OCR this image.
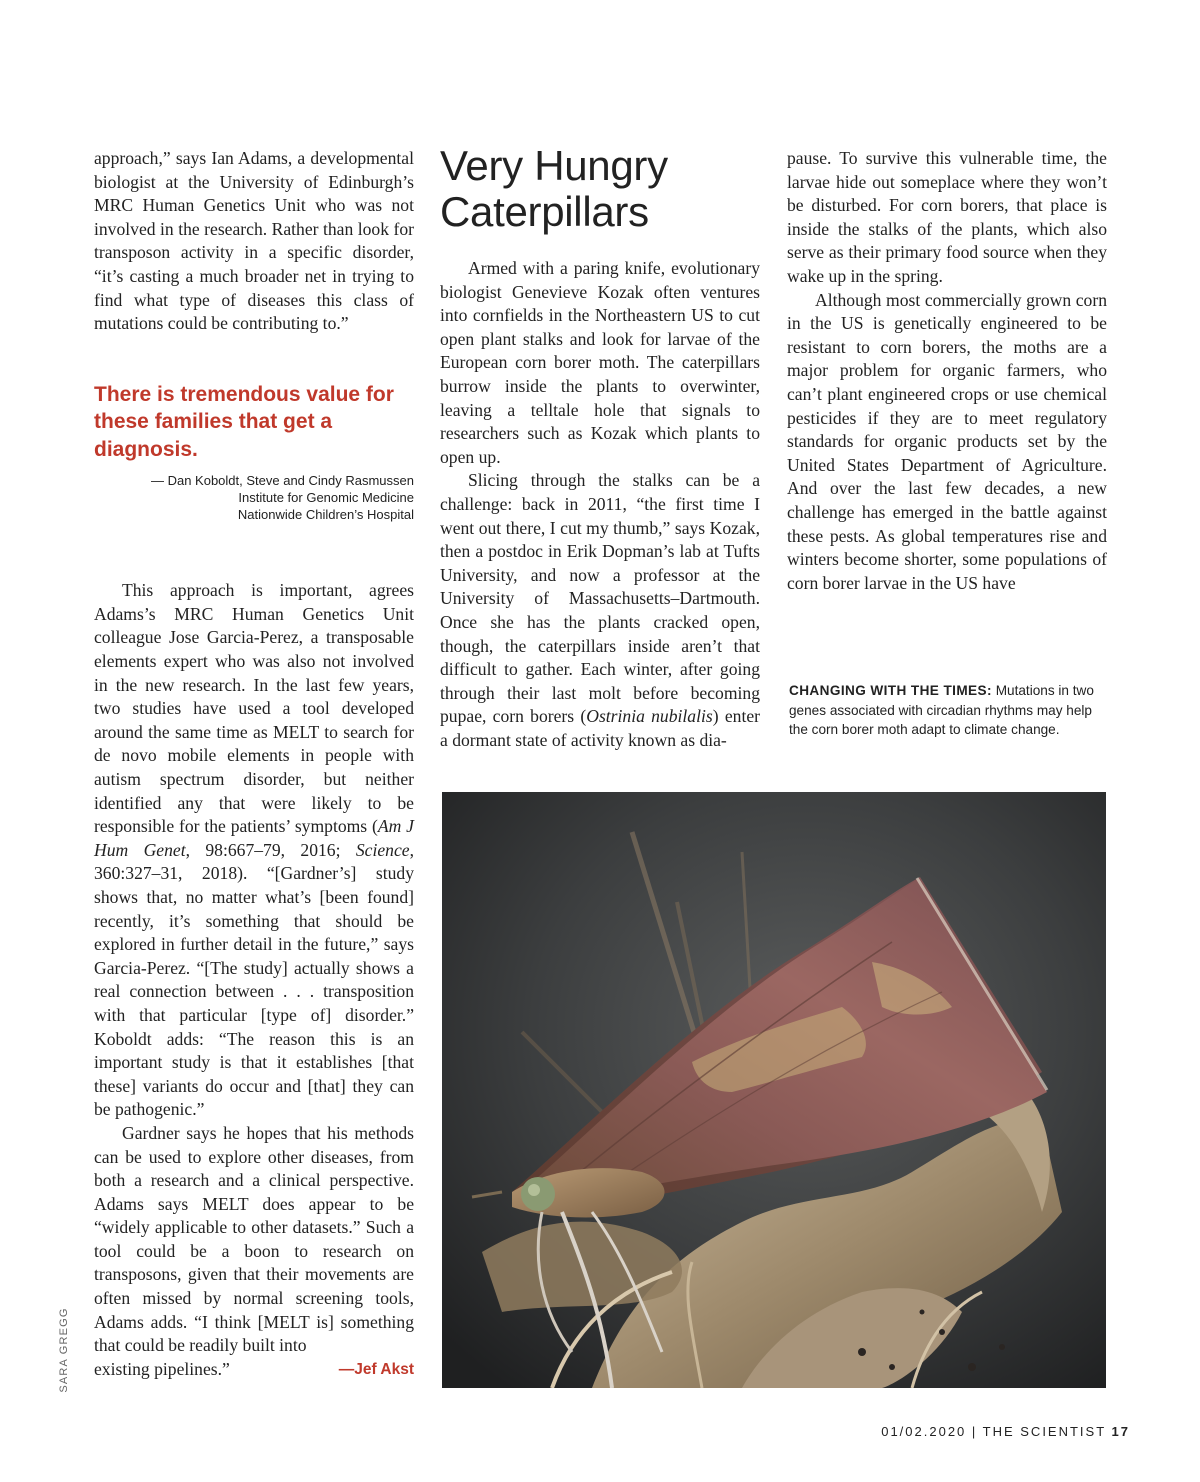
approach,” says Ian Adams, a developmental biologist at the University of Edinburgh’s MRC Human Genetics Unit who was not involved in the research. Rather than look for transposon activity in a specific disorder, “it’s casting a much broader net in trying to find what type of diseases this class of mutations could be contributing to.”

There is tremendous value for these families that get a diagnosis.
— Dan Koboldt, Steve and Cindy Rasmussen
Institute for Genomic Medicine
Nationwide Children’s Hospital

This approach is important, agrees Adams’s MRC Human Genetics Unit colleague Jose Garcia-Perez, a transposable elements expert who was also not involved in the new research. In the last few years, two studies have used a tool developed around the same time as MELT to search for de novo mobile elements in people with autism spectrum disorder, but neither identified any that were likely to be responsible for the patients’ symptoms (Am J Hum Genet, 98:667–79, 2016; Science, 360:327–31, 2018). “[Gardner’s] study shows that, no matter what’s [been found] recently, it’s something that should be explored in further detail in the future,” says Garcia-Perez. “[The study] actually shows a real connection between . . . transposition with that particular [type of] disorder.” Koboldt adds: “The reason this is an important study is that it establishes [that these] variants do occur and [that] they can be pathogenic.”

Gardner says he hopes that his methods can be used to explore other diseases, from both a research and a clinical perspective. Adams says MELT does appear to be “widely applicable to other datasets.” Such a tool could be a boon to research on transposons, given that their movements are often missed by normal screening tools, Adams adds. “I think [MELT is] something that could be readily built into

existing pipelines.”	—Jef Akst
Very Hungry
Caterpillars

Armed with a paring knife, evolutionary biologist Genevieve Kozak often ventures into cornfields in the Northeastern US to cut open plant stalks and look for larvae of the European corn borer moth. The caterpillars burrow inside the plants to overwinter, leaving a telltale hole that signals to researchers such as Kozak which plants to open up.

Slicing through the stalks can be a challenge: back in 2011, “the first time I went out there, I cut my thumb,” says Kozak, then a postdoc in Erik Dopman’s lab at Tufts University, and now a professor at the University of Massachusetts–Dartmouth. Once she has the plants cracked open, though, the caterpillars inside aren’t that difficult to gather. Each winter, after going through their last molt before becoming pupae, corn borers (Ostrinia nubilalis) enter a dormant state of activity known as dia-

pause. To survive this vulnerable time, the larvae hide out someplace where they won’t be disturbed. For corn borers, that place is inside the stalks of the plants, which also serve as their primary food source when they wake up in the spring.

Although most commercially grown corn in the US is genetically engineered to be resistant to corn borers, the moths are a major problem for organic farmers, who can’t plant engineered crops or use chemical pesticides if they are to meet regulatory standards for organic products set by the United States Department of Agriculture. And over the last few decades, a new challenge has emerged in the battle against these pests. As global temperatures rise and winters become shorter, some populations of corn borer larvae in the US have

CHANGING WITH THE TIMES: Mutations in two genes associated with circadian rhythms may help the corn borer moth adapt to climate change.
SARA GREGG
01/02.2020 | THE SCIENTIST 17
